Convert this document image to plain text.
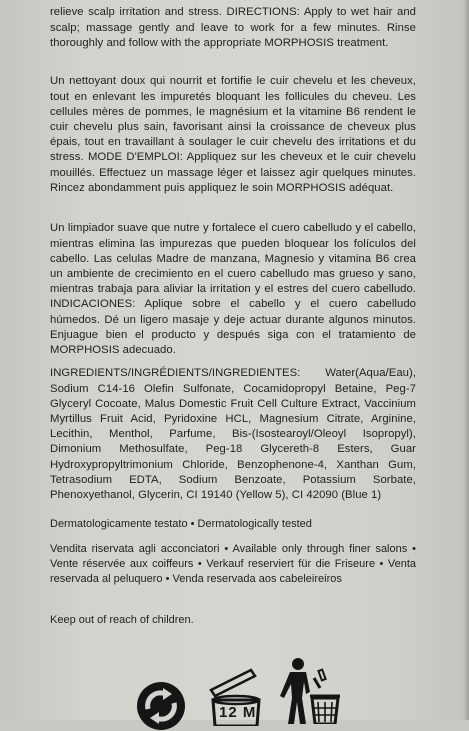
relieve scalp irritation and stress. DIRECTIONS: Apply to wet hair and scalp; massage gently and leave to work for a few minutes. Rinse thoroughly and follow with the appropriate MORPHOSIS treatment.

Un nettoyant doux qui nourrit et fortifie le cuir chevelu et les cheveux, tout en enlevant les impuretés bloquant les follicules du cheveu. Les cellules mères de pommes, le magnésium et la vitamine B6 rendent le cuir chevelu plus sain, favorisant ainsi la croissance de cheveux plus épais, tout en travaillant à soulager le cuir chevelu des irritations et du stress. MODE D'EMPLOI: Appliquez sur les cheveux et le cuir chevelu mouillés. Effectuez un massage léger et laissez agir quelques minutes. Rincez abondamment puis appliquez le soin MORPHOSIS adéquat.

Un limpiador suave que nutre y fortalece el cuero cabelludo y el cabello, mientras elimina las impurezas que pueden bloquear los folículos del cabello. Las celulas Madre de manzana, Magnesio y vitamina B6 crea un ambiente de crecimiento en el cuero cabelludo mas grueso y sano, mientras trabaja para aliviar la irritation y el estres del cuero cabelludo. INDICACIONES: Aplique sobre el cabello y el cuero cabelludo húmedos. Dé un ligero masaje y deje actuar durante algunos minutos. Enjuague bien el producto y después siga con el tratamiento de MORPHOSIS adecuado.

INGREDIENTS/INGRÉDIENTS/INGREDIENTES: Water(Aqua/Eau), Sodium C14-16 Olefin Sulfonate, Cocamidopropyl Betaine, Peg-7 Glyceryl Cocoate, Malus Domestic Fruit Cell Culture Extract, Vaccinium Myrtillus Fruit Acid, Pyridoxine HCL, Magnesium Citrate, Arginine, Lecithin, Menthol, Parfume, Bis-(Isostearoyl/Oleoyl Isopropyl), Dimonium Methosulfate, Peg-18 Glycereth-8 Esters, Guar Hydroxypropyltrimonium Chloride, Benzophenone-4, Xanthan Gum, Tetrasodium EDTA, Sodium Benzoate, Potassium Sorbate, Phenoxyethanol, Glycerin, CI 19140 (Yellow 5), CI 42090 (Blue 1)

Dermatologicamente testato • Dermatologically tested
Vendita riservata agli acconciatori • Available only through finer salons • Vente réservée aux coiffeurs • Verkauf reserviert für die Friseure • Venta reservada al peluquero • Venda reservada aos cabeleireiros
Keep out of reach of children.
12 M
